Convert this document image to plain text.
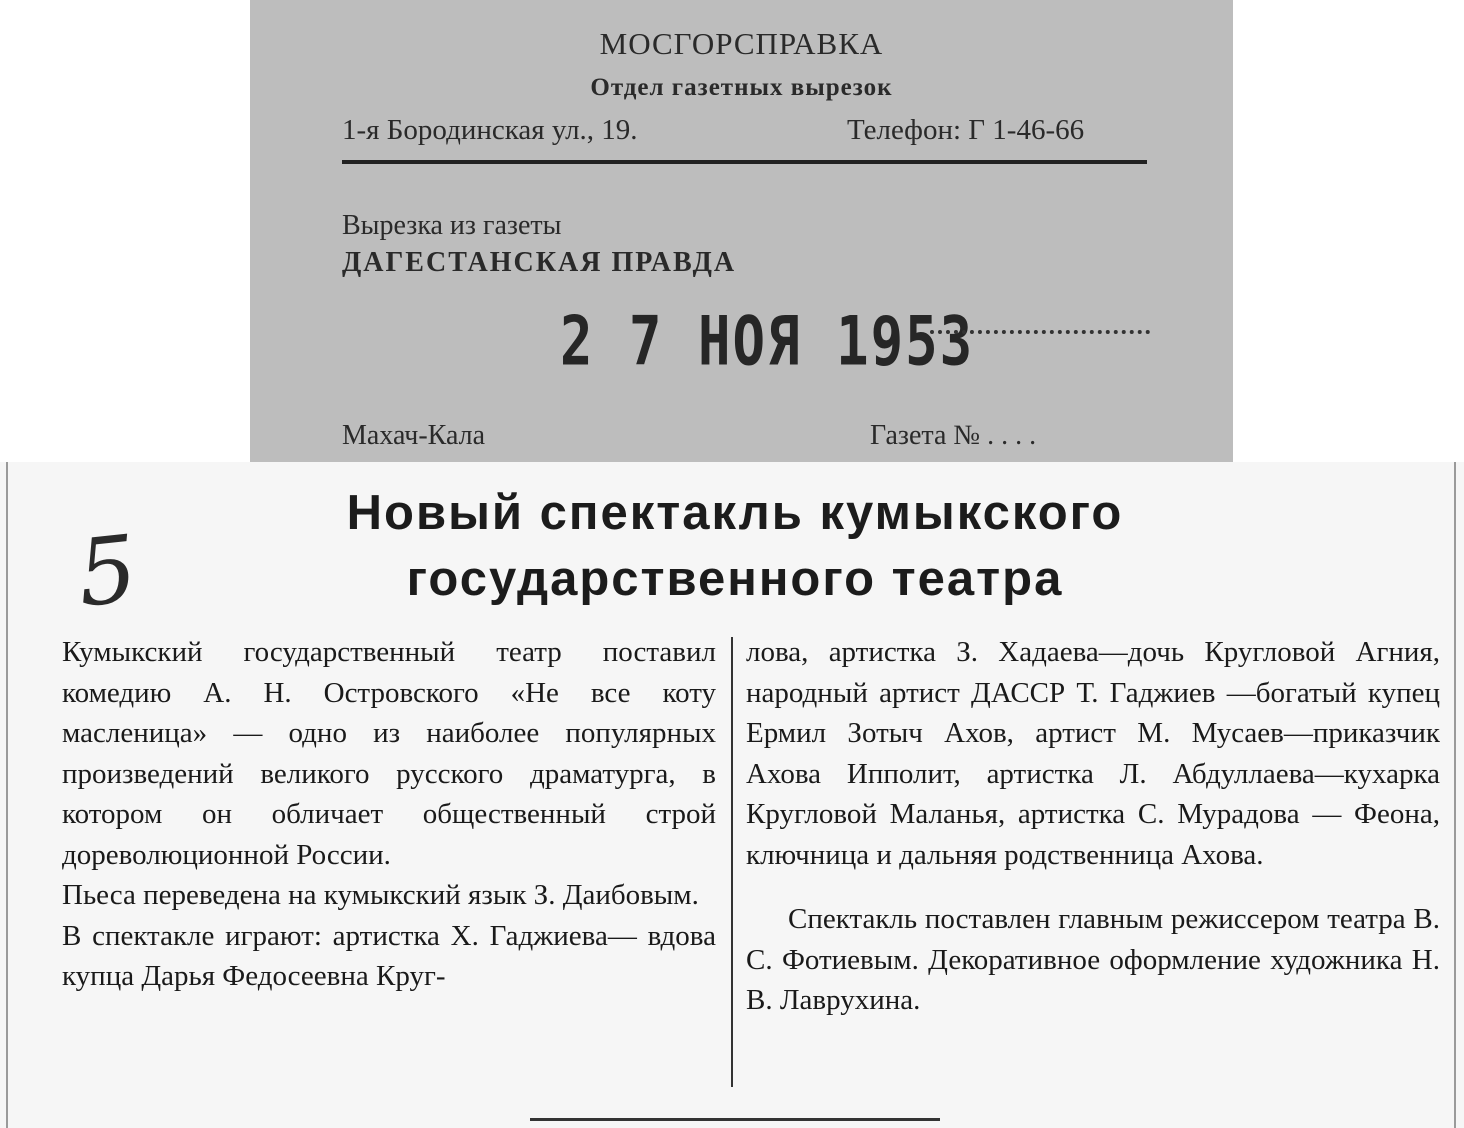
МОСГОРСПРАВКА
Отдел газетных вырезок
1-я Бородинская ул., 19.	Телефон: Г 1-46-66
Вырезка из газеты
ДАГЕСТАНСКАЯ ПРАВДА
2 7 НОЯ 1953
Махач-Кала	Газета № . . . .
5
Новый спектакль кумыкского
государственного театра

Кумыкский государственный театр поставил комедию А. Н. Островского «Не все коту масленица» — одно из наиболее популярных произведений великого русского драматурга, в котором он обличает общественный строй дореволюционной России.

Пьеса переведена на кумыкский язык З. Даибовым.

В спектакле играют: артистка Х. Гаджиева— вдова купца Дарья Федосеевна Круг-

лова, артистка З. Хадаева—дочь Кругловой Агния, народный артист ДАССР Т. Гаджиев —богатый купец Ермил Зотыч Ахов, артист М. Мусаев—приказчик Ахова Ипполит, артистка Л. Абдуллаева—кухарка Кругловой Маланья, артистка С. Мурадова — Феона, ключница и дальняя родственница Ахова.

Спектакль поставлен главным режиссером театра В. С. Фотиевым. Декоративное оформление художника Н. В. Лаврухина.
